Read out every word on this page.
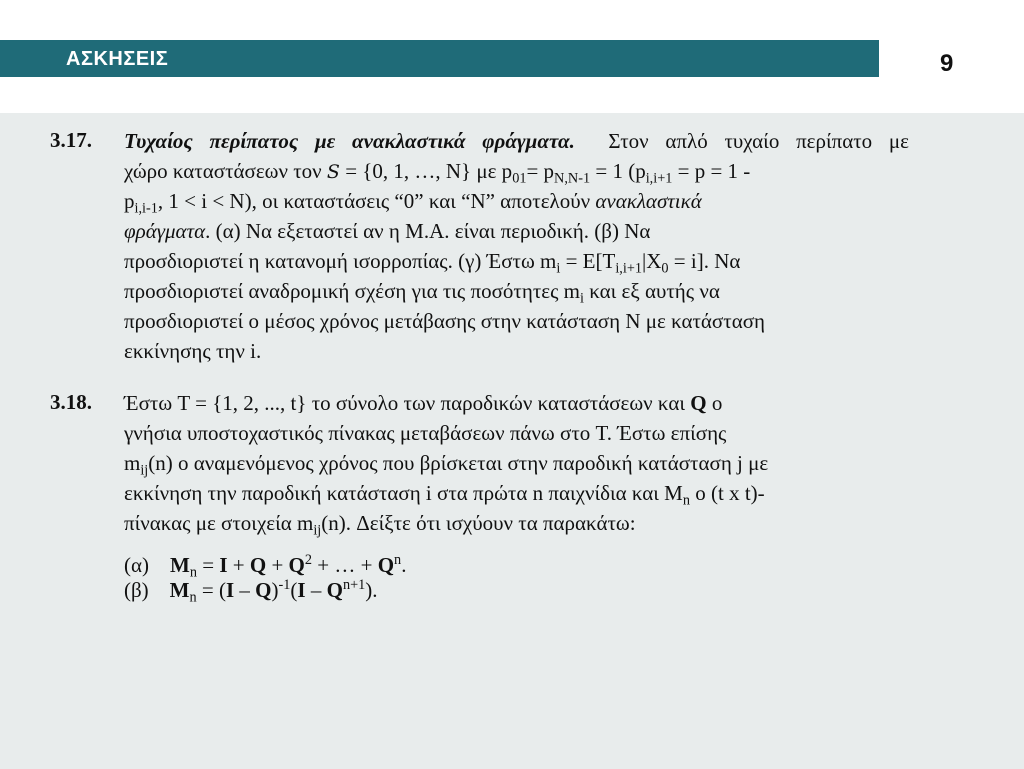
ΑΣΚΗΣΕΙΣ	9
3.17. Τυχαίος περίπατος με ανακλαστικά φράγματα. Στον απλό τυχαίο περίπατο με
χώρο καταστάσεων τον S = {0, 1, …, N} με $p_{01}= p_{N,N-1} = 1$ ($p_{i,i+1} = p = 1$ -
$p_{i,i-1}$, 1 < i < N), οι καταστάσεις “0” και “N” αποτελούν ανακλαστικά
φράγματα. (α) Να εξεταστεί αν η Μ.Α. είναι περιοδική. (β) Να
προσδιοριστεί η κατανομή ισορροπίας. (γ) Έστω $m_i = E[T_{i,i+1}|X_0 = i]$. Να
προσδιοριστεί αναδρομική σχέση για τις ποσότητες $m_i$ και εξ αυτής να
προσδιοριστεί ο μέσος χρόνος μετάβασης στην κατάσταση N με κατάσταση
εκκίνησης την i.
3.18. Έστω T = {1, 2, ..., t} το σύνολο των παροδικών καταστάσεων και Q ο
γνήσια υποστοχαστικός πίνακας μεταβάσεων πάνω στο T. Έστω επίσης
$m_{ij}(n)$ ο αναμενόμενος χρόνος που βρίσκεται στην παροδική κατάσταση j με
εκκίνηση την παροδική κατάσταση i στα πρώτα n παιχνίδια και $M_n$ ο (t x t)-
πίνακας με στοιχεία $m_{ij}(n)$. Δείξτε ότι ισχύουν τα παρακάτω:
(α) $M_n = I + Q + Q^2$ + … + $Q^n$.
(β) $M_n = (I - Q)^{-1}(I - Q^{n+1})$.
